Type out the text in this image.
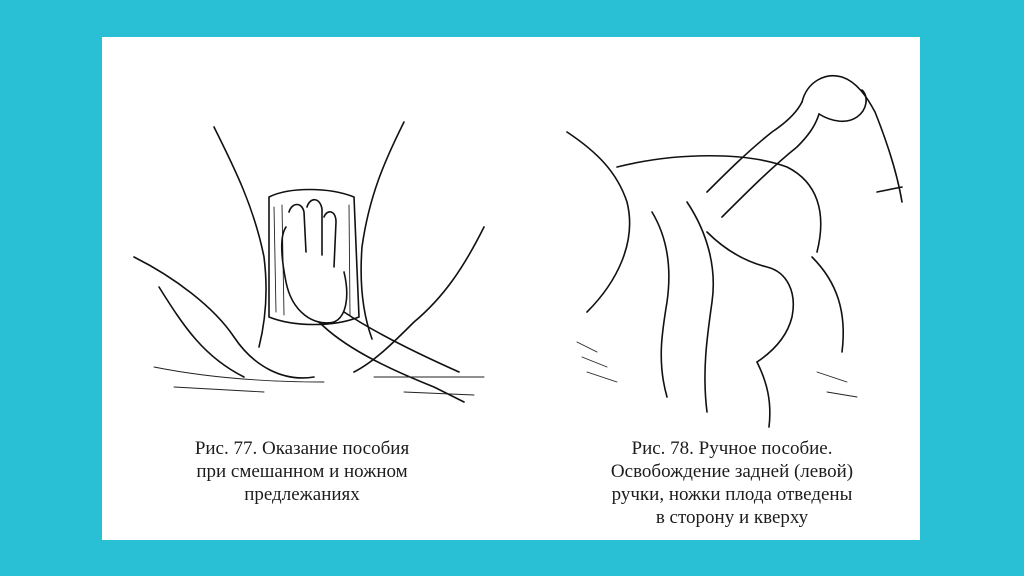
Рис. 77. Оказание пособия
при смешанном и ножном
предлежаниях
Рис. 78. Ручное пособие.
Освобождение задней (левой)
ручки, ножки плода отведены
в сторону и кверху
